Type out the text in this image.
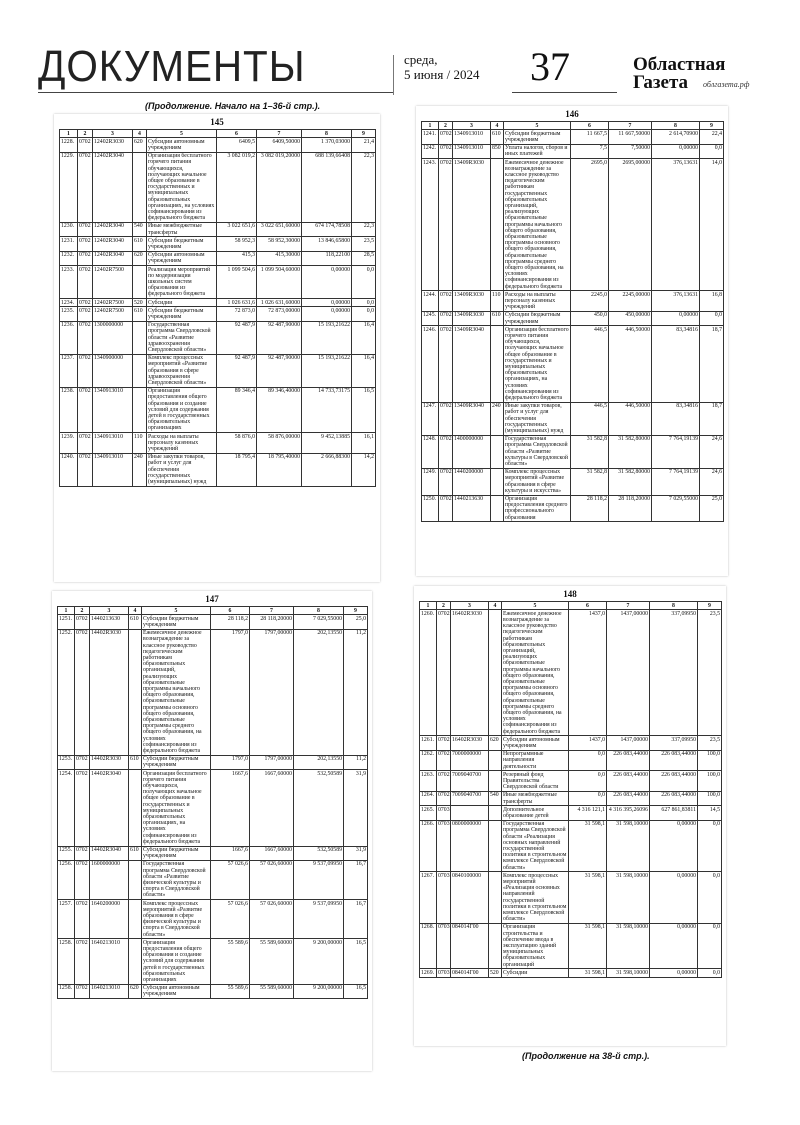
ДОКУМЕНТЫ	среда,
5 июня / 2024 37	Областная
Газета	облгазета.рф
(Продолжение. Начало на 1–36-й стр.).
145
1	2	3	4	5	6	7	8	9
1228.	0702	12402R3030	620	Субсидии автономным учреждениям	6409,5	6409,50000	1 370,03000	21,4
1229.	0702	12402R3040		Организация бесплатного горячего питания обучающихся, получающих начальное общее образование в государственных и муниципальных образовательных организациях, на условиях софинансирования из федерального бюджета	3 082 019,2	3 082 019,20000	688 139,66408	22,3
1230.	0702	12402R3040	540	Иные межбюджетные трансферты	3 022 651,6	3 022 651,60000	674 174,78508	22,3
1231.	0702	12402R3040	610	Субсидии бюджетным учреждениям	58 952,3	58 952,30000	13 846,65800	23,5
1232.	0702	12402R3040	620	Субсидии автономным учреждениям	415,3	415,30000	118,22100	28,5
1233.	0702	12402R7500		Реализация мероприятий по модернизации школьных систем образования из федерального бюджета	1 099 504,6	1 099 504,60000	0,00000	0,0
1234.	0702	12402R7500	520	Субсидии	1 026 631,6	1 026 631,60000	0,00000	0,0
1235.	0702	12402R7500	610	Субсидии бюджетным учреждениям	72 873,0	72 873,00000	0,00000	0,0
1236.	0702	1300000000		Государственная программа Свердловской области «Развитие здравоохранения Свердловской области»	92 487,9	92 487,90000	15 193,21622	16,4
1237.	0702	1340900000		Комплекс процессных мероприятий «Развитие образования в сфере здравоохранения Свердловской области»	92 487,9	92 487,90000	15 193,21622	16,4
1238.	0702	1340913010		Организация предоставления общего образования и создание условий для содержания детей в государственных образовательных организациях	89 346,4	89 346,40000	14 733,73175	16,5
1239.	0702	1340913010	110	Расходы на выплаты персоналу казенных учреждений	58 876,0	58 876,00000	9 452,13885	16,1
1240.	0702	1340913010	240	Иные закупки товаров, работ и услуг для обеспечения государственных (муниципальных) нужд	18 795,4	18 795,40000	2 666,88300	14,2
146
1	2	3	4	5	6	7	8	9
1241.	0702	1340913010	610	Субсидии бюджетным учреждениям	11 667,5	11 667,50000	2 614,70900	22,4
1242.	0702	1340913010	850	Уплата налогов, сборов и иных платежей	7,5	7,50000	0,00000	0,0
1243.	0702	13409R3030		Ежемесячное денежное вознаграждение за классное руководство педагогическим работникам государственных образовательных организаций, реализующих образовательные программы начального общего образования, образовательные программы основного общего образования, образовательные программы среднего общего образования, на условиях софинансирования из федерального бюджета	2695,0	2695,00000	376,13631	14,0
1244.	0702	13409R3030	110	Расходы на выплаты персоналу казенных учреждений	2245,0	2245,00000	376,13631	16,8
1245.	0702	13409R3030	610	Субсидии бюджетным учреждениям	450,0	450,00000	0,00000	0,0
1246.	0702	13409R3040		Организация бесплатного горячего питания обучающихся, получающих начальное общее образование в государственных и муниципальных образовательных организациях, на условиях софинансирования из федерального бюджета	446,5	446,50000	83,34816	18,7
1247.	0702	13409R3040	240	Иные закупки товаров, работ и услуг для обеспечения государственных (муниципальных) нужд	446,5	446,50000	83,34816	18,7
1248.	0702	1400000000		Государственная программа Свердловской области «Развитие культуры в Свердловской области»	31 582,8	31 582,80000	7 764,19139	24,6
1249.	0702	1440200000		Комплекс процессных мероприятий «Развитие образования в сфере культуры и искусства»	31 582,8	31 582,80000	7 764,19139	24,6
1250.	0702	1440213630		Организация предоставления среднего профессионального образования	28 118,2	28 118,20000	7 029,55000	25,0
147
1	2	3	4	5	6	7	8	9
1251.	0702	1440213630	610	Субсидии бюджетным учреждениям	28 118,2	28 118,20000	7 029,55000	25,0
1252.	0702	14402R3030		Ежемесячное денежное вознаграждение за классное руководство педагогическим работникам образовательных организаций, реализующих образовательные программы начального общего образования, образовательные программы основного общего образования, образовательные программы среднего общего образования, на условиях софинансирования из федерального бюджета	1797,0	1797,00000	202,13550	11,2
1253.	0702	14402R3030	610	Субсидии бюджетным учреждениям	1797,0	1797,00000	202,13550	11,2
1254.	0702	14402R3040		Организация бесплатного горячего питания обучающихся, получающих начальное общее образование в государственных и муниципальных образовательных организациях, на условиях софинансирования из федерального бюджета	1667,6	1667,60000	532,50589	31,9
1255.	0702	14402R3040	610	Субсидии бюджетным учреждениям	1667,6	1667,60000	532,50589	31,9
1256.	0702	1600000000		Государственная программа Свердловской области «Развитие физической культуры и спорта в Свердловской области»	57 026,6	57 026,60000	9 537,09950	16,7
1257.	0702	1640200000		Комплекс процессных мероприятий «Развитие образования в сфере физической культуры и спорта в Свердловской области»	57 026,6	57 026,60000	9 537,09950	16,7
1258.	0702	1640213010		Организация предоставления общего образования и создание условий для содержания детей в государственных образовательных организациях	55 589,6	55 589,60000	9 200,00000	16,5
1258.	0702	1640213010	620	Субсидии автономным учреждениям	55 589,6	55 589,60000	9 200,00000	16,5
148
1	2	3	4	5	6	7	8	9
1260.	0702	16402R3030		Ежемесячное денежное вознаграждение за классное руководство педагогическим работникам образовательных организаций, реализующих образовательные программы начального общего образования, образовательные программы основного общего образования, образовательные программы среднего общего образования, на условиях софинансирования из федерального бюджета	1437,0	1437,00000	337,09950	23,5
1261.	0702	16402R3030	620	Субсидии автономным учреждениям	1437,0	1437,00000	337,09950	23,5
1262.	0702	7000000000		Непрограммные направления деятельности	0,0	226 083,44000	226 083,44000	100,0
1263.	0702	7009040700		Резервный фонд Правительства Свердловской области	0,0	226 083,44000	226 083,44000	100,0
1264.	0702	7009040700	540	Иные межбюджетные трансферты	0,0	226 083,44000	226 083,44000	100,0
1265.	0703			Дополнительное образование детей	4 316 121,1	4 316 395,26096	627 861,83811	14,5
1266.	0703	0800000000		Государственная программа Свердловской области «Реализация основных направлений государственной политики в строительном комплексе Свердловской области»	31 598,1	31 598,10000	0,00000	0,0
1267.	0703	0840100000		Комплекс процессных мероприятий «Реализация основных направлений государственной политики в строительном комплексе Свердловской области»	31 598,1	31 598,10000	0,00000	0,0
1268.	0703	084014Г00		Организация строительства и обеспечение ввода в эксплуатацию зданий муниципальных образовательных организаций	31 598,1	31 598,10000	0,00000	0,0
1269.	0703	084014Г00	520	Субсидии	31 598,1	31 598,10000	0,00000	0,0
(Продолжение на 38-й стр.).
